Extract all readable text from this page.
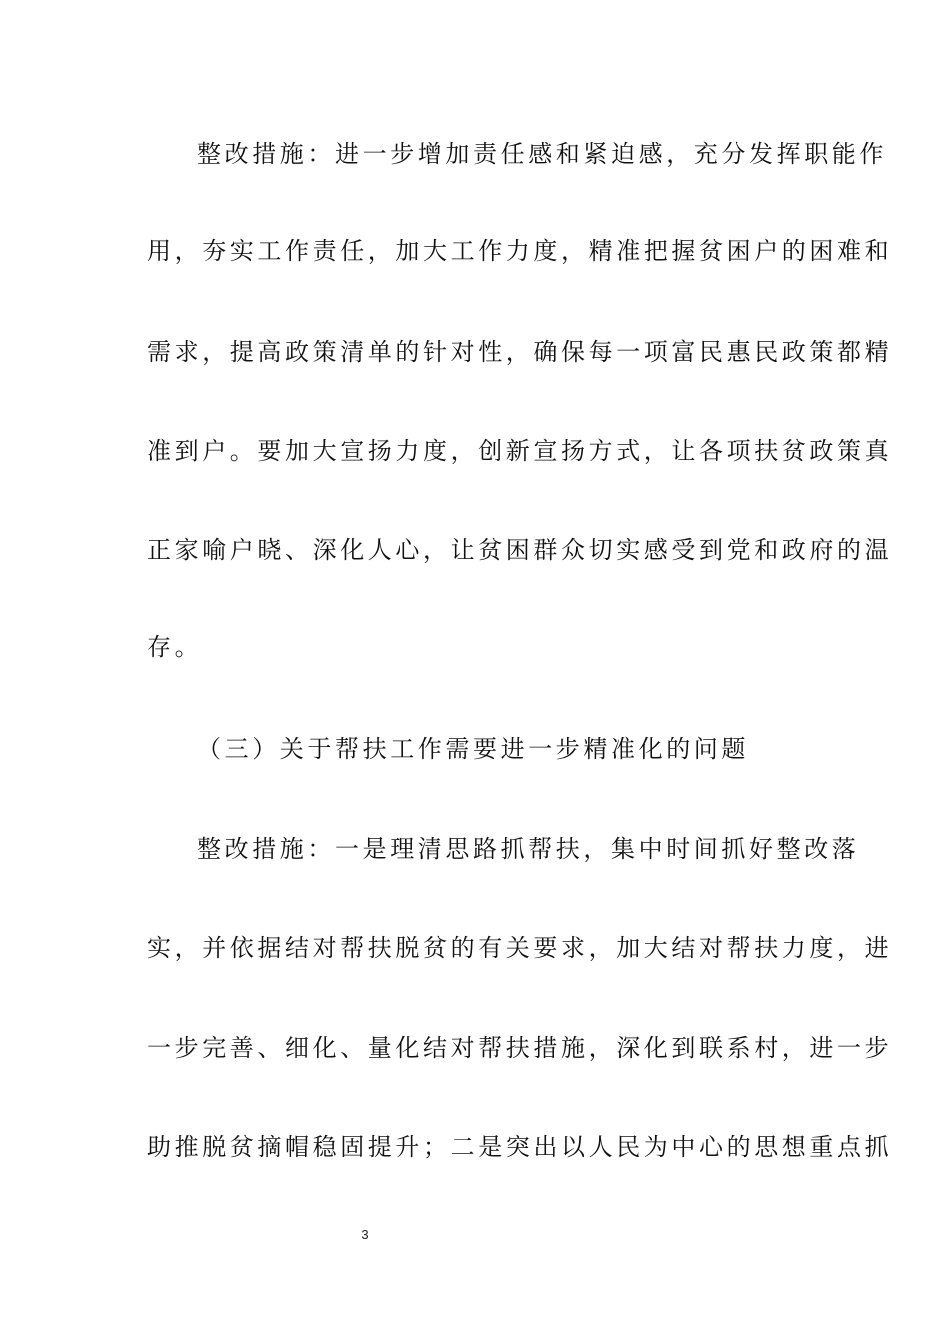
整改措施：进一步增加责任感和紧迫感，充分发挥职能作
用，夯实工作责任，加大工作力度，精准把握贫困户的困难和
需求，提高政策清单的针对性，确保每一项富民惠民政策都精
准到户。要加大宣扬力度，创新宣扬方式，让各项扶贫政策真
正家喻户晓、深化人心，让贫困群众切实感受到党和政府的温
存。
（三）关于帮扶工作需要进一步精准化的问题
整改措施：一是理清思路抓帮扶，集中时间抓好整改落
实，并依据结对帮扶脱贫的有关要求，加大结对帮扶力度，进
一步完善、细化、量化结对帮扶措施，深化到联系村，进一步
助推脱贫摘帽稳固提升；二是突出以人民为中心的思想重点抓
3
